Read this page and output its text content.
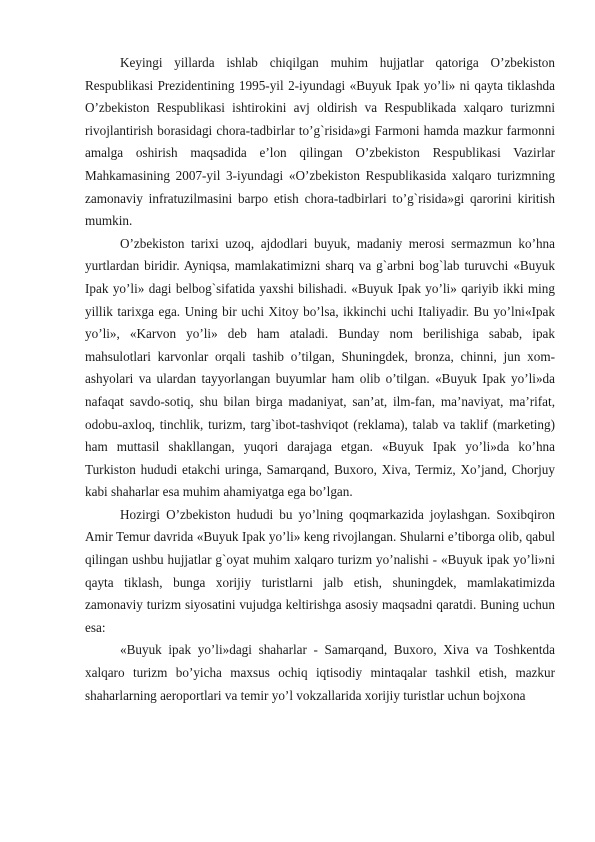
Keyingi yillarda ishlab chiqilgan muhim hujjatlar qatoriga O’zbekiston Respublikasi Prezidentining 1995-yil 2-iyundagi «Buyuk Ipak yo’li» ni qayta tiklashda O’zbekiston Respublikasi ishtirokini avj oldirish va Respublikada xalqaro turizmni rivojlantirish borasidagi chora-tadbirlar to’g`risida»gi Farmoni hamda mazkur farmonni amalga oshirish maqsadida e’lon qilingan O’zbekiston Respublikasi Vazirlar Mahkamasining 2007-yil 3-iyundagi «O’zbekiston Respublikasida xalqaro turizmning zamonaviy infratuzilmasini barpo etish chora-tadbirlari to’g`risida»gi qarorini kiritish mumkin.

O’zbekiston tarixi uzoq, ajdodlari buyuk, madaniy merosi sermazmun ko’hna yurtlardan biridir. Ayniqsa, mamlakatimizni sharq va g`arbni bog`lab turuvchi «Buyuk Ipak yo’li» dagi belbog`sifatida yaxshi bilishadi. «Buyuk Ipak yo’li» qariyib ikki ming yillik tarixga ega. Uning bir uchi Xitoy bo’lsa, ikkinchi uchi Italiyadir. Bu yo’lni«Ipak yo’li», «Karvon yo’li» deb ham ataladi. Bunday nom berilishiga sabab, ipak mahsulotlari karvonlar orqali tashib o’tilgan, Shuningdek, bronza, chinni, jun xom-ashyolari va ulardan tayyorlangan buyumlar ham olib o’tilgan. «Buyuk Ipak yo’li»da nafaqat savdo-sotiq, shu bilan birga madaniyat, san’at, ilm-fan, ma’naviyat, ma’rifat, odobu-axloq, tinchlik, turizm, targ`ibot-tashviqot (reklama), talab va taklif (marketing) ham muttasil shakllangan, yuqori darajaga etgan. «Buyuk Ipak yo’li»da ko’hna Turkiston hududi etakchi uringa, Samarqand, Buxoro, Xiva, Termiz, Xo’jand, Chorjuy kabi shaharlar esa muhim ahamiyatga ega bo’lgan.

Hozirgi O’zbekiston hududi bu yo’lning qoqmarkazida joylashgan. Soxibqiron Amir Temur davrida «Buyuk Ipak yo’li» keng rivojlangan. Shularni e’tiborga olib, qabul qilingan ushbu hujjatlar g`oyat muhim xalqaro turizm yo’nalishi - «Buyuk ipak yo’li»ni qayta tiklash, bunga xorijiy turistlarni jalb etish, shuningdek, mamlakatimizda zamonaviy turizm siyosatini vujudga keltirishga asosiy maqsadni qaratdi. Buning uchun esa:

«Buyuk ipak yo’li»dagi shaharlar - Samarqand, Buxoro, Xiva va Toshkentda xalqaro turizm bo’yicha maxsus ochiq iqtisodiy mintaqalar tashkil etish, mazkur shaharlarning aeroportlari va temir yo’l vokzallarida xorijiy turistlar uchun bojxona
